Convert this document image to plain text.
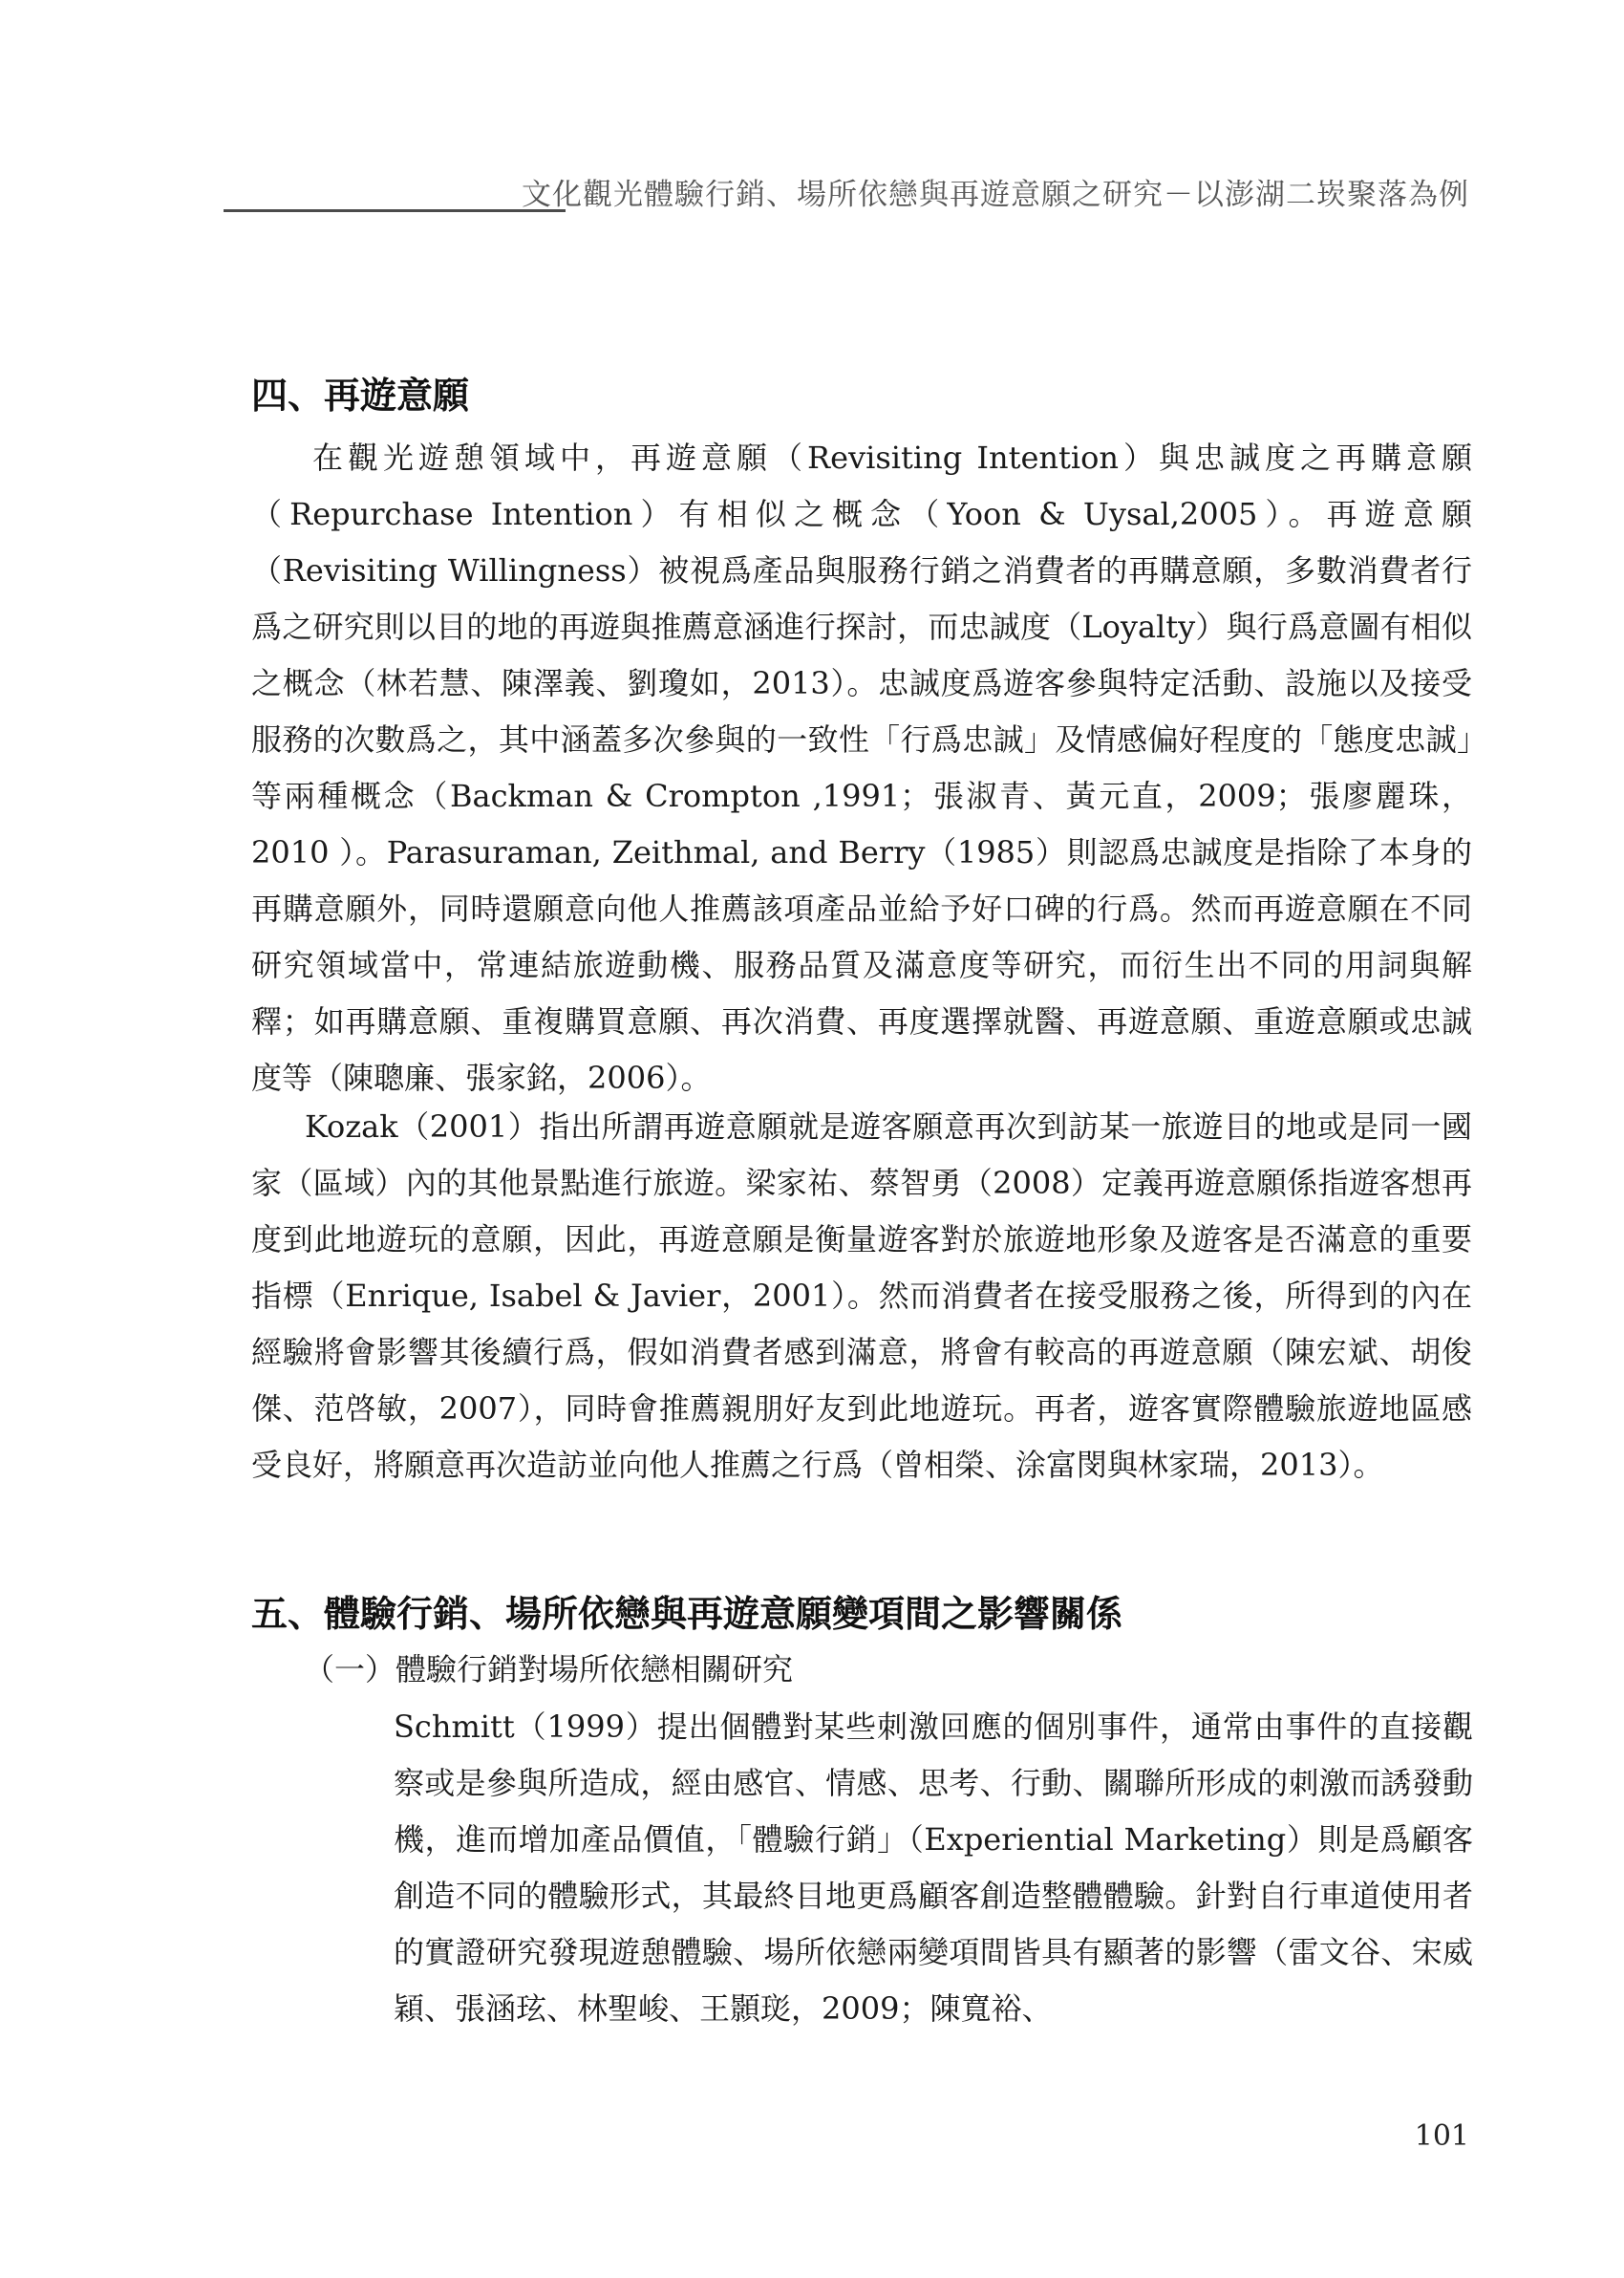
文化觀光體驗行銷、場所依戀與再遊意願之研究－以澎湖二崁聚落為例
四、再遊意願

在觀光遊憩領域中，再遊意願（Revisiting Intention）與忠誠度之再購意願（Repurchase Intention）有相似之概念（Yoon & Uysal,2005）。再遊意願（Revisiting Willingness）被視爲產品與服務行銷之消費者的再購意願，多數消費者行爲之研究則以目的地的再遊與推薦意涵進行探討，而忠誠度（Loyalty）與行爲意圖有相似之概念（林若慧、陳澤義、劉瓊如，2013）。忠誠度爲遊客參與特定活動、設施以及接受服務的次數爲之，其中涵蓋多次參與的一致性「行爲忠誠」及情感偏好程度的「態度忠誠」等兩種概念（Backman & Crompton ,1991；張淑青、黃元直，2009；張廖麗珠，2010 ）。Parasuraman, Zeithmal, and Berry（1985）則認爲忠誠度是指除了本身的再購意願外，同時還願意向他人推薦該項產品並給予好口碑的行爲。然而再遊意願在不同研究領域當中，常連結旅遊動機、服務品質及滿意度等研究，而衍生出不同的用詞與解釋；如再購意願、重複購買意願、再次消費、再度選擇就醫、再遊意願、重遊意願或忠誠度等（陳聰廉、張家銘，2006）。

Kozak（2001）指出所謂再遊意願就是遊客願意再次到訪某一旅遊目的地或是同一國家（區域）內的其他景點進行旅遊。梁家祐、蔡智勇（2008）定義再遊意願係指遊客想再度到此地遊玩的意願，因此，再遊意願是衡量遊客對於旅遊地形象及遊客是否滿意的重要指標（Enrique, Isabel & Javier，2001）。然而消費者在接受服務之後，所得到的內在經驗將會影響其後續行爲，假如消費者感到滿意，將會有較高的再遊意願（陳宏斌、胡俊傑、范啓敏，2007），同時會推薦親朋好友到此地遊玩。再者，遊客實際體驗旅遊地區感受良好，將願意再次造訪並向他人推薦之行爲（曾相榮、涂富閔與林家瑞，2013）。

五、體驗行銷、場所依戀與再遊意願變項間之影響關係
（一）體驗行銷對場所依戀相關研究

Schmitt（1999）提出個體對某些刺激回應的個別事件，通常由事件的直接觀察或是參與所造成，經由感官、情感、思考、行動、關聯所形成的刺激而誘發動機，進而增加產品價值，「體驗行銷」（Experiential Marketing）則是爲顧客創造不同的體驗形式，其最終目地更爲顧客創造整體體驗。針對自行車道使用者的實證研究發現遊憩體驗、場所依戀兩變項間皆具有顯著的影響（雷文谷、宋威穎、張涵玹、林聖峻、王顥珳，2009；陳寬裕、

101
